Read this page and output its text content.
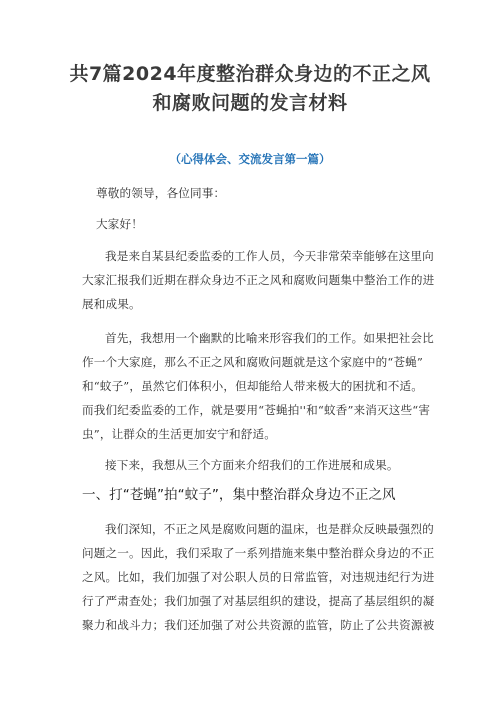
共7篇2024年度整治群众身边的不正之风
和腐败问题的发言材料
（心得体会、交流发言第一篇）
尊敬的领导，各位同事：
大家好！
我是来自某县纪委监委的工作人员，今天非常荣幸能够在这里向
大家汇报我们近期在群众身边不正之风和腐败问题集中整治工作的进
展和成果。
首先，我想用一个幽默的比喻来形容我们的工作。如果把社会比
作一个大家庭，那么不正之风和腐败问题就是这个家庭中的“苍蝇”
和“蚊子”，虽然它们体积小，但却能给人带来极大的困扰和不适。
而我们纪委监委的工作，就是要用“苍蝇拍''和“蚊香”来消灭这些“害
虫”，让群众的生活更加安宁和舒适。
接下来，我想从三个方面来介绍我们的工作进展和成果。
一、打“苍蝇”拍“蚊子”，集中整治群众身边不正之风
我们深知，不正之风是腐败问题的温床，也是群众反映最强烈的
问题之一。因此，我们采取了一系列措施来集中整治群众身边的不正
之风。比如，我们加强了对公职人员的日常监管，对违规违纪行为进
行了严肃查处；我们加强了对基层组织的建设，提高了基层组织的凝
聚力和战斗力；我们还加强了对公共资源的监管，防止了公共资源被
